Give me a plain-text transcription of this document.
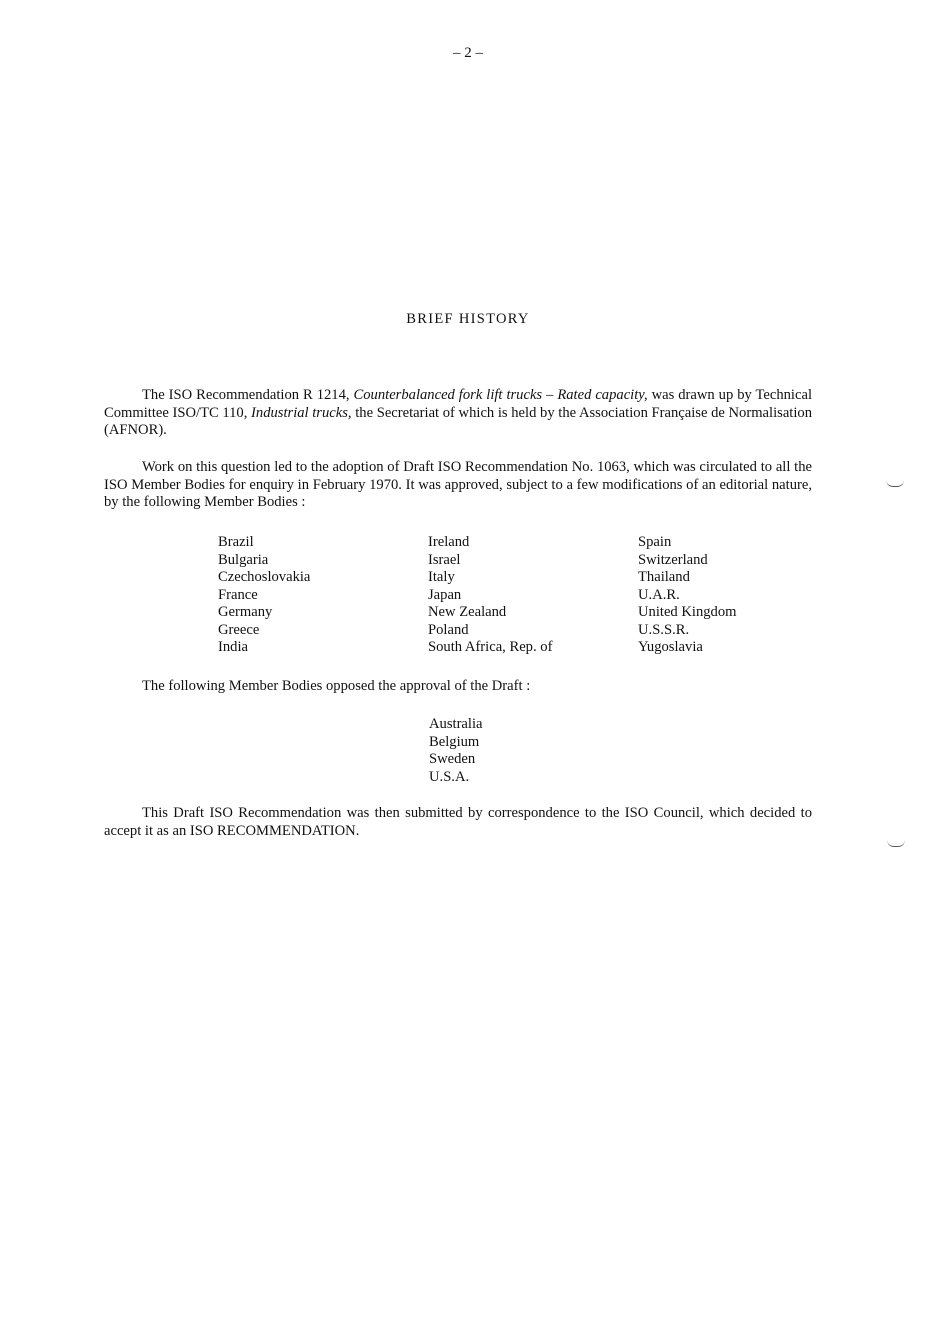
– 2 –
BRIEF HISTORY

The ISO Recommendation R 1214, Counterbalanced fork lift trucks – Rated capacity, was drawn up by Technical Committee ISO/TC 110, Industrial trucks, the Secretariat of which is held by the Association Française de Normalisation (AFNOR).

Work on this question led to the adoption of Draft ISO Recommendation No. 1063, which was circulated to all the ISO Member Bodies for enquiry in February 1970. It was approved, subject to a few modifications of an editorial nature, by the following Member Bodies :

Brazil
Bulgaria
Czechoslovakia
France
Germany
Greece
India
Ireland
Israel
Italy
Japan
New Zealand
Poland
South Africa, Rep. of
Spain
Switzerland
Thailand
U.A.R.
United Kingdom
U.S.S.R.
Yugoslavia

The following Member Bodies opposed the approval of the Draft :

Australia
Belgium
Sweden
U.S.A.

This Draft ISO Recommendation was then submitted by correspondence to the ISO Council, which decided to accept it as an ISO RECOMMENDATION.
